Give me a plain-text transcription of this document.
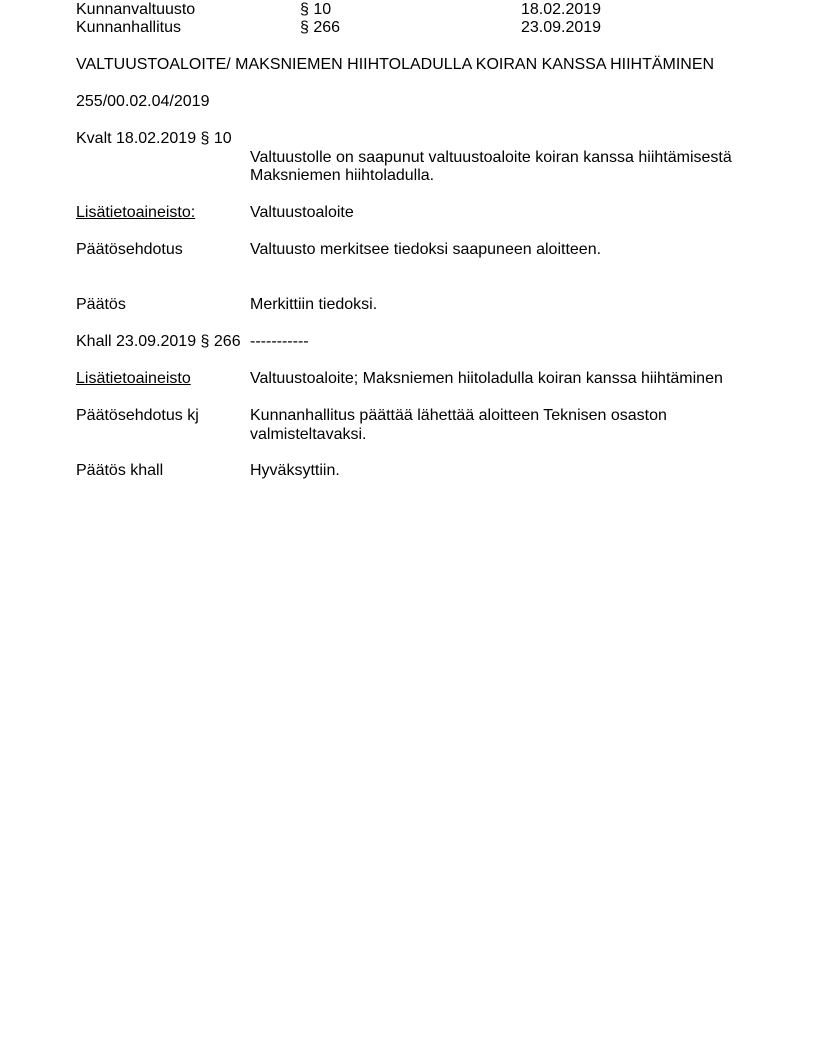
Kunnanvaltuusto	§ 10	18.02.2019
Kunnanhallitus	§ 266	23.09.2019
VALTUUSTOALOITE/ MAKSNIEMEN HIIHTOLADULLA KOIRAN KANSSA HIIHTÄMINEN
255/00.02.04/2019
Kvalt 18.02.2019 § 10
Valtuustolle on saapunut valtuustoaloite koiran kanssa hiihtämisestä
Maksniemen hiihtoladulla.
Lisätietoaineisto:	Valtuustoaloite
Päätösehdotus	Valtuusto merkitsee tiedoksi saapuneen aloitteen.
Päätös	Merkittiin tiedoksi.
Khall 23.09.2019 § 266 -----------
Lisätietoaineisto	Valtuustoaloite; Maksniemen hiitoladulla koiran kanssa hiihtäminen
Päätösehdotus kj	Kunnanhallitus päättää lähettää aloitteen Teknisen osaston
valmisteltavaksi.
Päätös khall	Hyväksyttiin.
